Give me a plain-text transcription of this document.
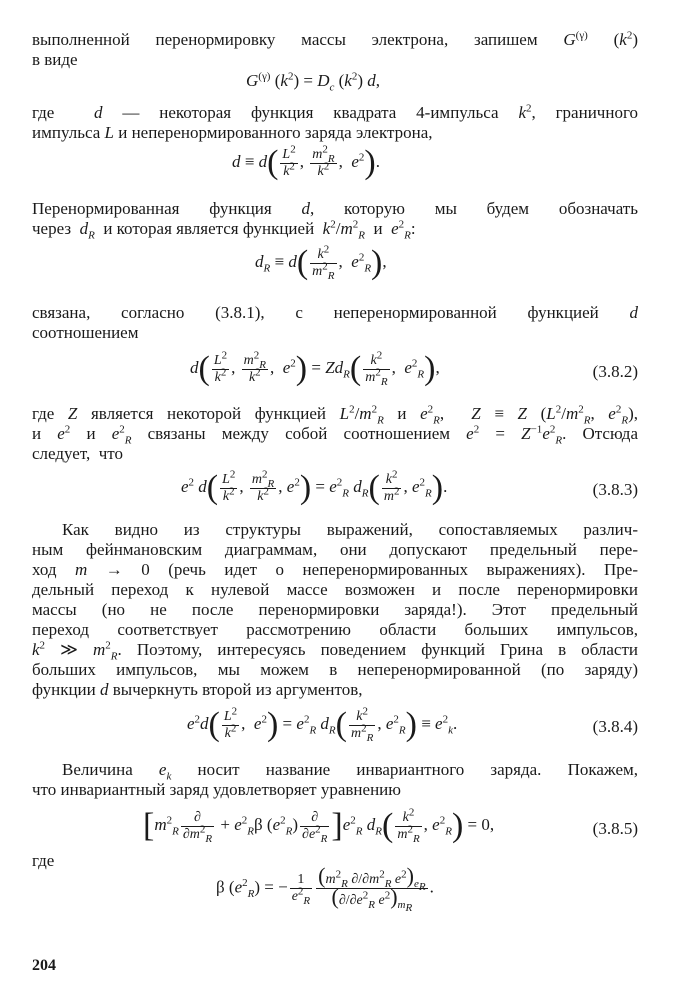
выполненной перенормировку массы электрона, запишем $G^{(\gamma)}$ $(k^2)$
в виде
$G^{(\gamma)}$ $(k^2) = D_c$ $(k^2)$ d,
где  d — некоторая функция квадрата 4-импульса $k^2$, граничного
импульса L и неперенормированного заряда электрона,
$d \equiv d( \frac{L^2}{k^2}$ , $\frac{m^2_R}{k^2}$ ,  $e^2$).
Перенормированная  функция  d,  которую  мы  будем  обозначать
через  $d_R$  и которая является функцией  $k^2/m^2_R$  и  $e^2_R$:
$d_R \equiv d( \frac{k^2}{m^2_R}$ ,  $e^2_R$),
связана,  согласно  (3.8.1),  с  неперенормированной  функцией  d
соотношением
$d( \frac{L^2}{k^2}$ , $\frac{m^2_R}{k^2}$ ,  $e^2) = Zd_R( \frac{k^2}{m^2_R}$ ,  $e^2_R$),	(3.8.2)
где Z является некоторой функцией $L^2/m^2_R$ и $e^2_R$,  Z ≡ Z ($L^2/m^2_R$, $e^2_R$),
и $e^2$ и $e^2_R$ связаны между собой соотношением $e^2 = Z^{-1}e^2_R$. Отсюда
следует,  что
$e^2$ $d( \frac{L^2}{k^2}$ , $\frac{m^2_R}{k^2}$ , $e^2) = e^2_R$ $d_R( \frac{k^2}{m^2}$ , $e^2_R$).	(3.8.3)
Как видно из структуры выражений, сопоставляемых различ-
ным фейнмановским диаграммам, они допускают предельный пере-
ход m → 0 (речь идет о неперенормированных выражениях). Пре-
дельный переход к нулевой массе возможен и после перенормировки
массы (но не после перенормировки заряда!). Этот предельный
переход соответствует рассмотрению области больших импульсов,
$k^2$ ≫ $m^2_R$. Поэтому, интересуясь поведением функций Грина в области
больших импульсов, мы можем в неперенормированной (по заряду)
функции d вычеркнуть второй из аргументов,
$e^2d( \frac{L^2}{k^2}$ ,  $e^2) = e^2_R$ $d_R( \frac{k^2}{m^2_R}$ , $e^2_R) \equiv e^2_k$.	(3.8.4)
Величина $e_k$ носит название инвариантного заряда. Покажем,
что инвариантный заряд удовлетворяет уравнению
[$m^2_R \frac{\partial}{\partial m^2_R} + e^2_R\beta$ $(e^2_R) \frac{\partial}{\partial e^2_R} ]e^2_R$ $d_R( \frac{k^2}{m^2_R}$ , $e^2_R) = 0$,	(3.8.5)
где
β $(e^2_R)$ = − $\frac{1}{e^2_R} \frac{(m^2_R \partial/\partial m^2_R e^2)_{e_R}}{(\partial/\partial e^2_R e^2)_{m_R}}$ .
204
